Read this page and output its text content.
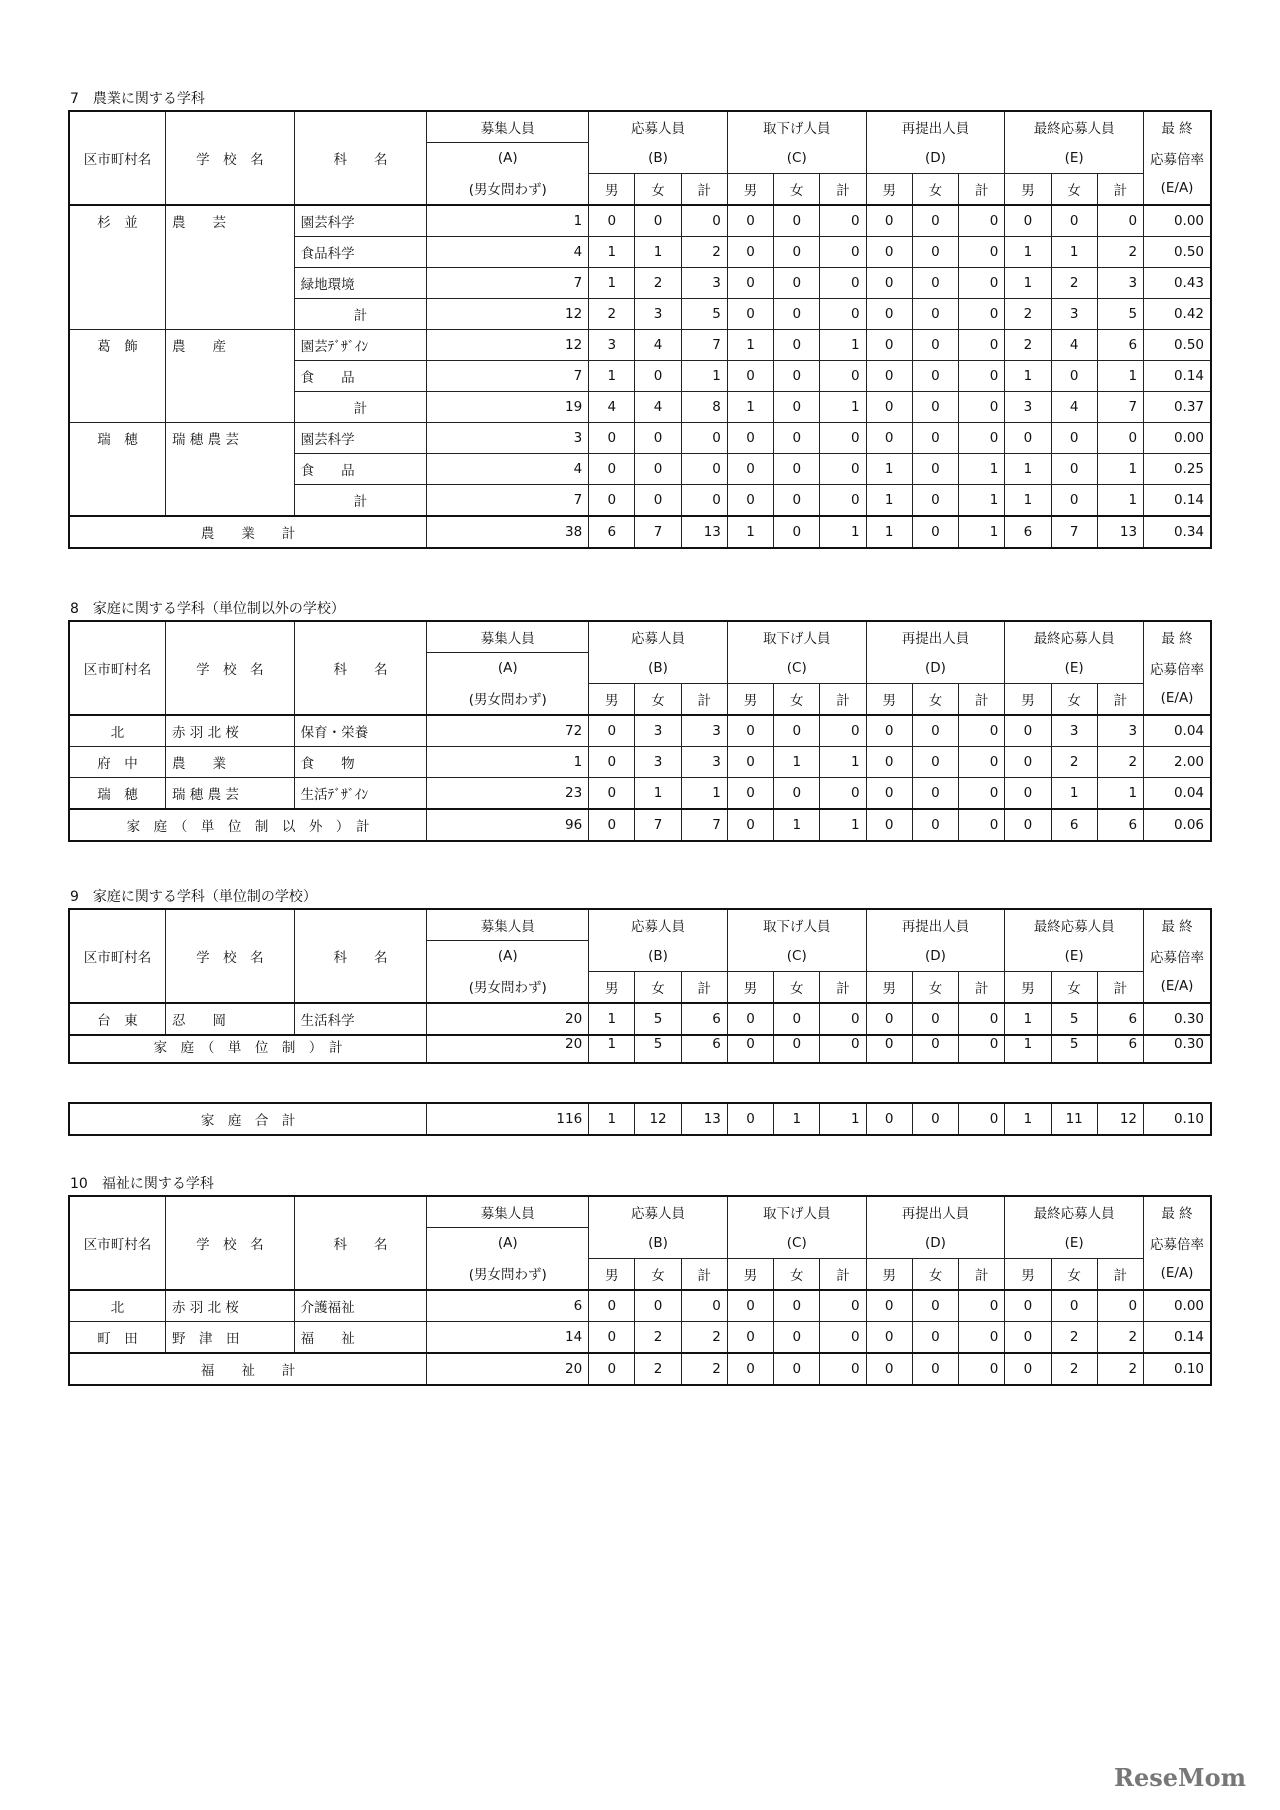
7　農業に関する学科
区市町村名	学　校　名	科　　名	募集人員	応募人員			取下げ人員			再提出人員			最終応募人員			最 終
			(A)	(B)			(C)			(D)			(E)			応募倍率
			(男女問わず)	男	女	計	男	女	計	男	女	計	男	女	計	(E/A)
杉　並	農　　芸	園芸科学	1	0	0	0	0	0	0	0	0	0	0	0	0	0.00
		食品科学	4	1	1	2	0	0	0	0	0	0	1	1	2	0.50
		緑地環境	7	1	2	3	0	0	0	0	0	0	1	2	3	0.43
		計	12	2	3	5	0	0	0	0	0	0	2	3	5	0.42
葛　飾	農　　産	園芸ﾃﾞｻﾞｲﾝ	12	3	4	7	1	0	1	0	0	0	2	4	6	0.50
		食　　品	7	1	0	1	0	0	0	0	0	0	1	0	1	0.14
		計	19	4	4	8	1	0	1	0	0	0	3	4	7	0.37
瑞　穂	瑞 穂 農 芸	園芸科学	3	0	0	0	0	0	0	0	0	0	0	0	0	0.00
		食　　品	4	0	0	0	0	0	0	1	0	1	1	0	1	0.25
		計	7	0	0	0	0	0	0	1	0	1	1	0	1	0.14
農　　業　　計			38	6	7	13	1	0	1	1	0	1	6	7	13	0.34
8　家庭に関する学科（単位制以外の学校）
区市町村名	学　校　名	科　　名	募集人員	応募人員			取下げ人員			再提出人員			最終応募人員			最 終
			(A)	(B)			(C)			(D)			(E)			応募倍率
			(男女問わず)	男	女	計	男	女	計	男	女	計	男	女	計	(E/A)
北	赤 羽 北 桜	保育・栄養	72	0	3	3	0	0	0	0	0	0	0	3	3	0.04
府　中	農　　業	食　　物	1	0	3	3	0	1	1	0	0	0	0	2	2	2.00
瑞　穂	瑞 穂 農 芸	生活ﾃﾞｻﾞｲﾝ	23	0	1	1	0	0	0	0	0	0	0	1	1	0.04
家　庭　（　単　位　制　以　外　）　計			96	0	7	7	0	1	1	0	0	0	0	6	6	0.06
9　家庭に関する学科（単位制の学校）
区市町村名	学　校　名	科　　名	募集人員	応募人員			取下げ人員			再提出人員			最終応募人員			最 終
			(A)	(B)			(C)			(D)			(E)			応募倍率
			(男女問わず)	男	女	計	男	女	計	男	女	計	男	女	計	(E/A)
台　東	忍　　岡	生活科学	20	1	5	6	0	0	0	0	0	0	1	5	6	0.30
家　庭　（　単　位　制　）　計			20	1	5	6	0	0	0	0	0	0	1	5	6	0.30
家　庭　合　計	116	1	12	13	0	1	1	0	0	0	1	11	12	0.10
10　福祉に関する学科
区市町村名	学　校　名	科　　名	募集人員	応募人員			取下げ人員			再提出人員			最終応募人員			最 終
			(A)	(B)			(C)			(D)			(E)			応募倍率
			(男女問わず)	男	女	計	男	女	計	男	女	計	男	女	計	(E/A)
北	赤 羽 北 桜	介護福祉	6	0	0	0	0	0	0	0	0	0	0	0	0	0.00
町　田	野　津　田	福　　祉	14	0	2	2	0	0	0	0	0	0	0	2	2	0.14
福　　祉　　計			20	0	2	2	0	0	0	0	0	0	0	2	2	0.10
ReseMom
